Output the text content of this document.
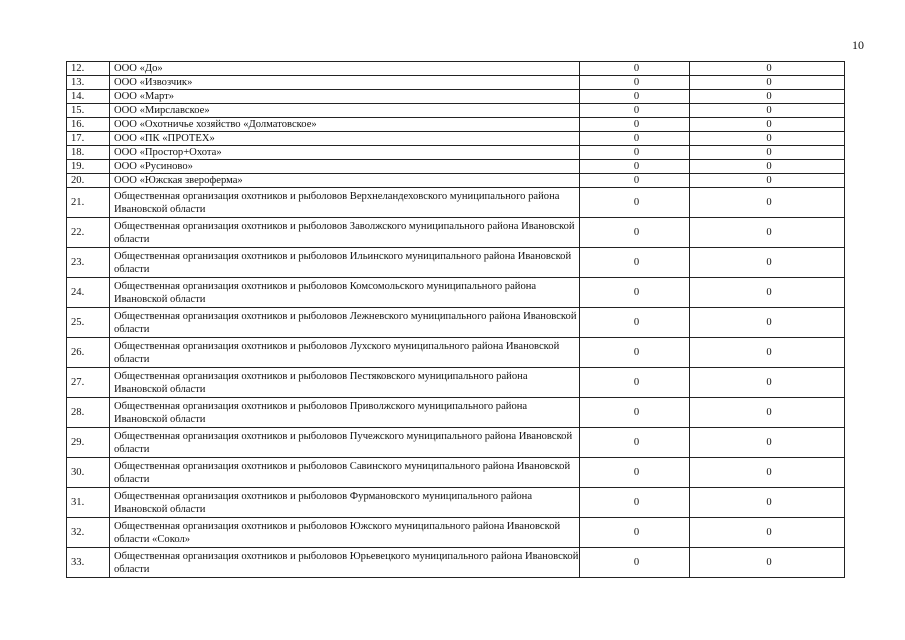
10
12.	ООО «До»	0	0
13.	ООО «Извозчик»	0	0
14.	ООО «Март»	0	0
15.	ООО «Мирславское»	0	0
16.	ООО «Охотничье хозяйство «Долматовское»	0	0
17.	ООО «ПК «ПРОТЕХ»	0	0
18.	ООО «Простор+Охота»	0	0
19.	ООО «Русиново»	0	0
20.	ООО «Южская звероферма»	0	0
21.	Общественная организация охотников и рыболовов Верхнеландеховского муниципального района Ивановской области	0	0
22.	Общественная организация охотников и рыболовов Заволжского муниципального района Ивановской области	0	0
23.	Общественная организация охотников и рыболовов Ильинского муниципального района Ивановской области	0	0
24.	Общественная организация охотников и рыболовов Комсомольского муниципального района Ивановской области	0	0
25.	Общественная организация охотников и рыболовов Лежневского муниципального района Ивановской области	0	0
26.	Общественная организация охотников и рыболовов Лухского муниципального района Ивановской области	0	0
27.	Общественная организация охотников и рыболовов Пестяковского муниципального района Ивановской области	0	0
28.	Общественная организация охотников и рыболовов Приволжского муниципального района Ивановской области	0	0
29.	Общественная организация охотников и рыболовов Пучежского муниципального района Ивановской области	0	0
30.	Общественная организация охотников и рыболовов Савинского муниципального района Ивановской области	0	0
31.	Общественная организация охотников и рыболовов Фурмановского муниципального района Ивановской области	0	0
32.	Общественная организация охотников и рыболовов Южского муниципального района Ивановской области «Сокол»	0	0
33.	Общественная организация охотников и рыболовов Юрьевецкого муниципального района Ивановской области	0	0
